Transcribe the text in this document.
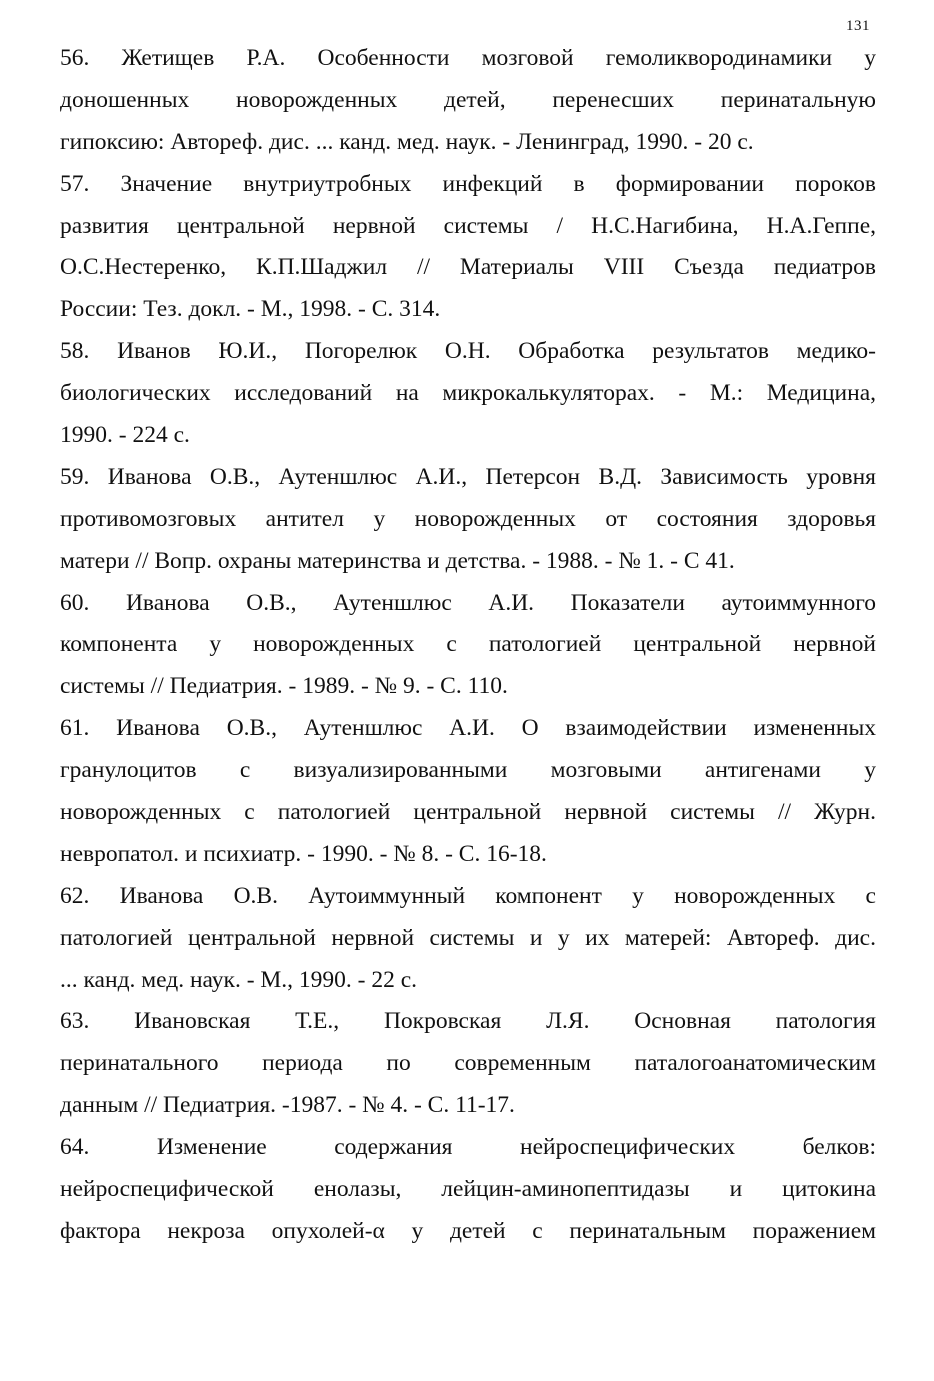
131
56. Жетищев Р.А. Особенности мозговой гемоликвородинамики у
доношенных новорожденных детей, перенесших перинатальную
гипоксию: Автореф. дис. ... канд. мед. наук. - Ленинград, 1990. - 20 с.
57. Значение внутриутробных инфекций в формировании пороков
развития центральной нервной системы / Н.С.Нагибина, Н.А.Геппе,
О.С.Нестеренко, К.П.Шаджил // Материалы VIII Съезда педиатров
России: Тез. докл. - М., 1998. - С. 314.
58. Иванов Ю.И., Погорелюк О.Н. Обработка результатов медико-
биологических исследований на микрокалькуляторах. - М.: Медицина,
1990. - 224 с.
59. Иванова О.В., Аутеншлюс А.И., Петерсон В.Д. Зависимость уровня
противомозговых антител у новорожденных от состояния здоровья
матери // Вопр. охраны материнства и детства. - 1988. - № 1. - С 41.
60. Иванова О.В., Аутеншлюс А.И. Показатели аутоиммунного
компонента у новорожденных с патологией центральной нервной
системы // Педиатрия. - 1989. - № 9. - С. 110.
61. Иванова О.В., Аутеншлюс А.И. О взаимодействии измененных
гранулоцитов с визуализированными мозговыми антигенами у
новорожденных с патологией центральной нервной системы // Журн.
невропатол. и психиатр. - 1990. - № 8. - С. 16-18.
62. Иванова О.В. Аутоиммунный компонент у новорожденных с
патологией центральной нервной системы и у их матерей: Автореф. дис.
... канд. мед. наук. - М., 1990. - 22 с.
63. Ивановская Т.Е., Покровская Л.Я. Основная патология
перинатального периода по современным паталогоанатомическим
данным // Педиатрия. -1987. - № 4. - С. 11-17.
64. Изменение содержания нейроспецифических белков:
нейроспецифической енолазы, лейцин-аминопептидазы и цитокина
фактора некроза опухолей-α у детей с перинатальным поражением
